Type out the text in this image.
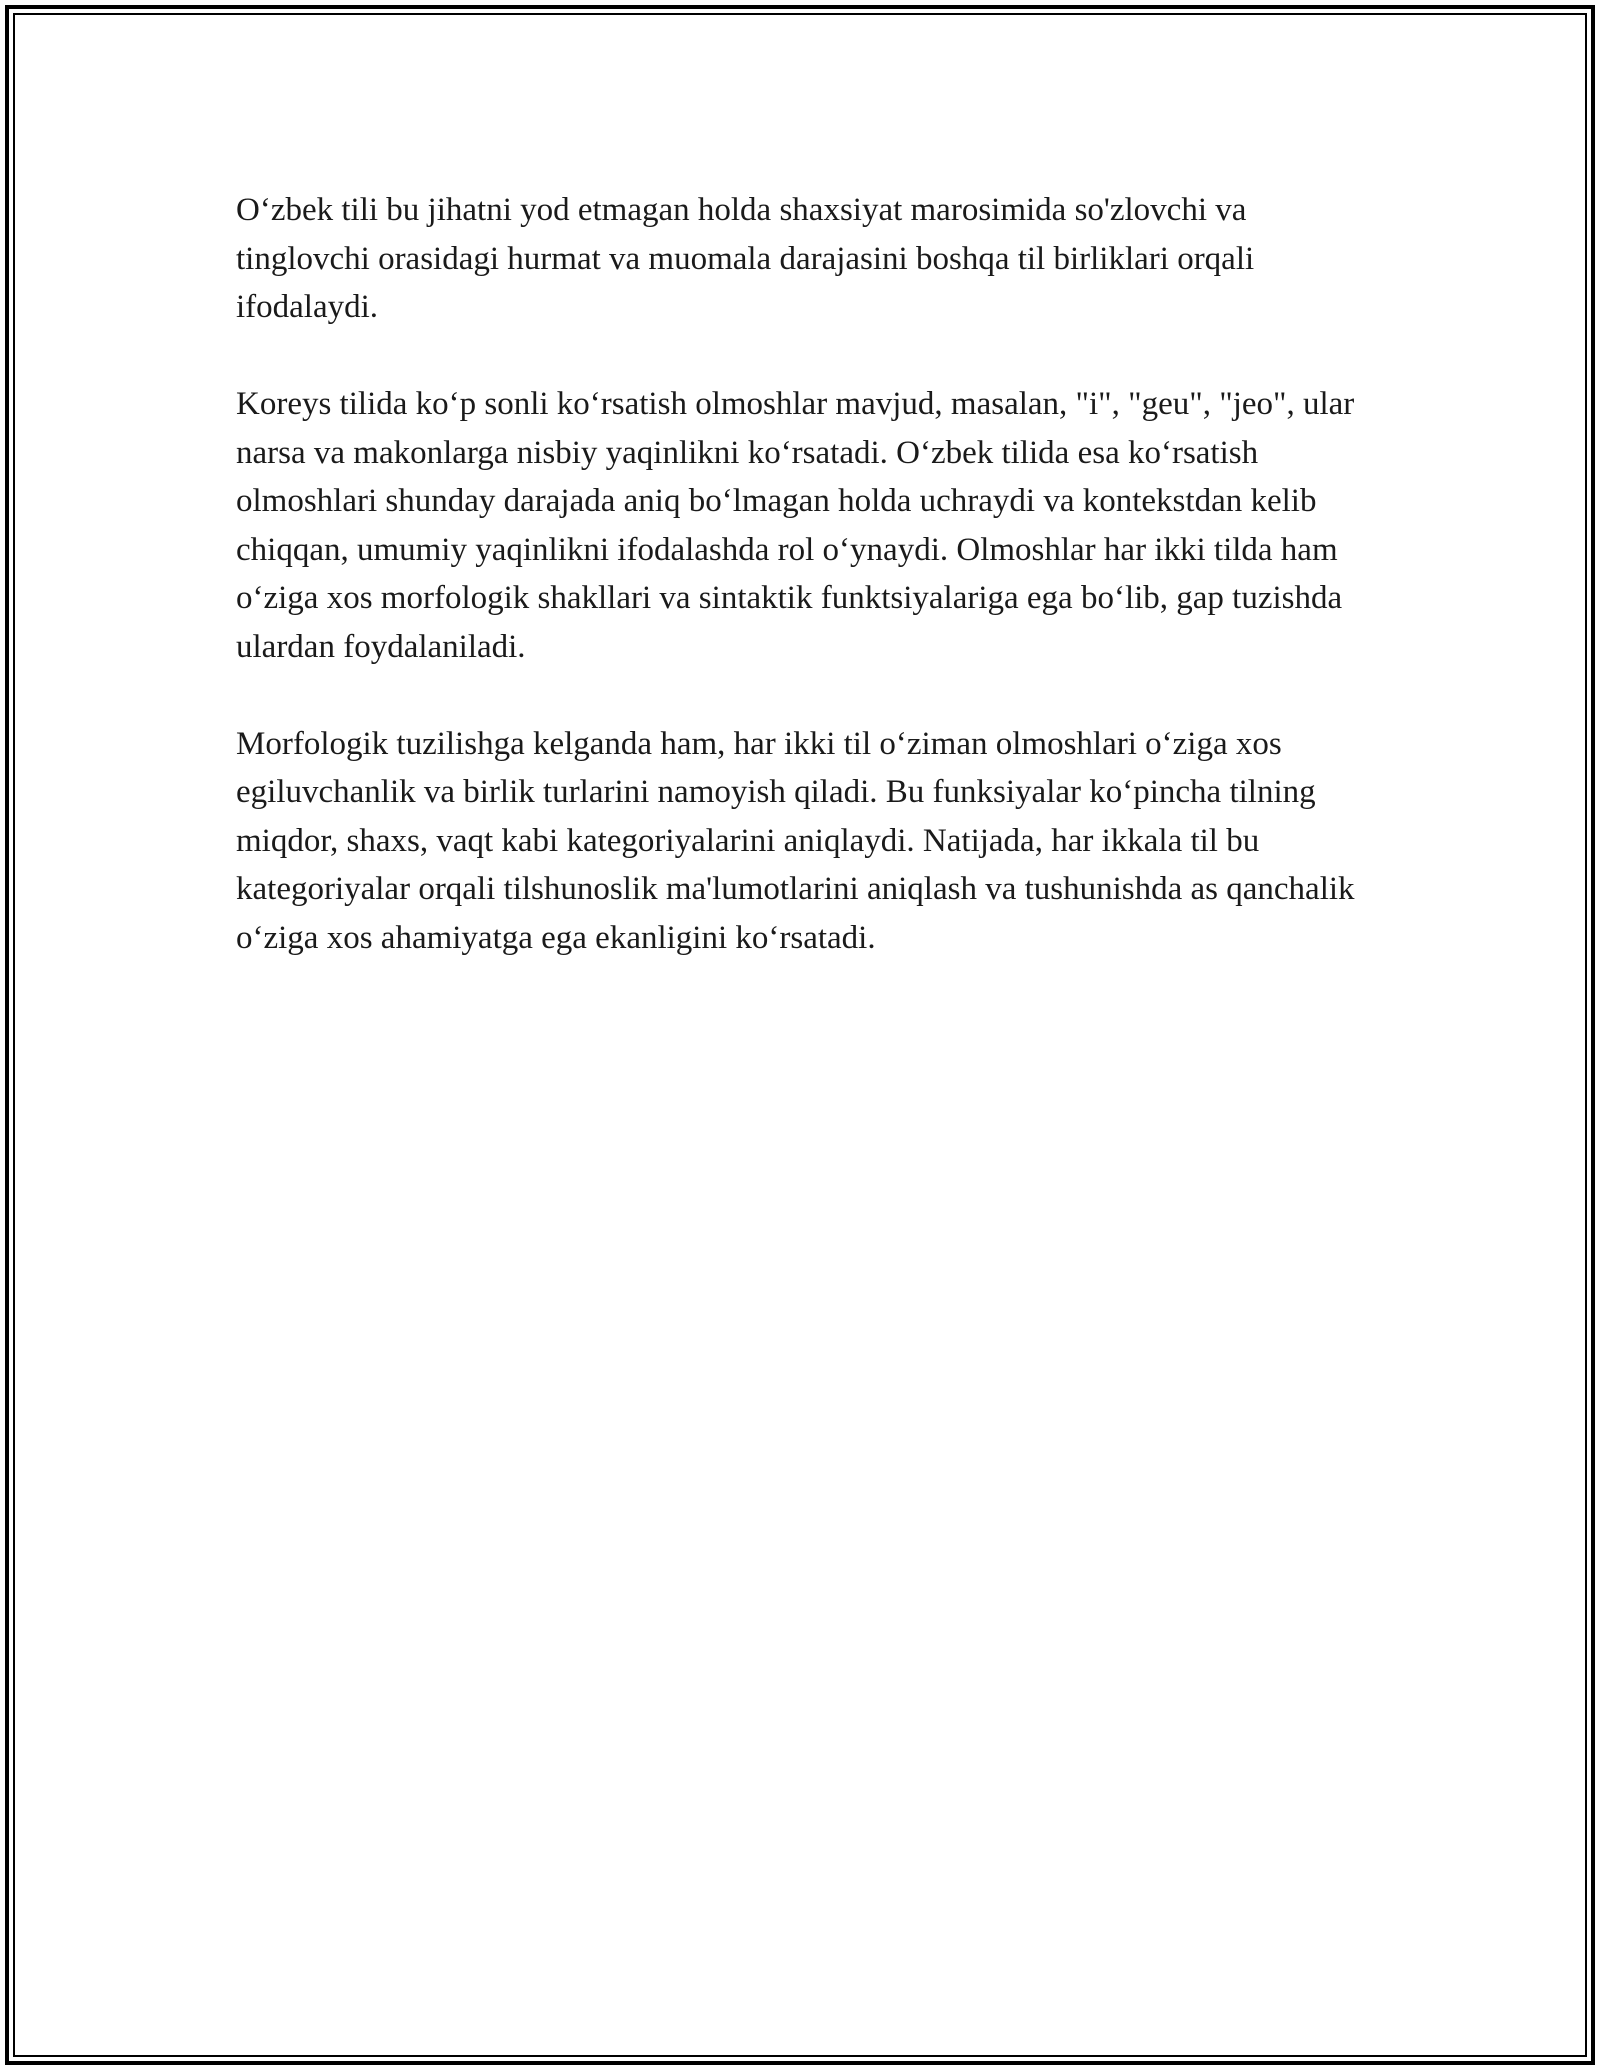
O‘zbek tili bu jihatni yod etmagan holda shaxsiyat marosimida so'zlovchi va tinglovchi orasidagi hurmat va muomala darajasini boshqa til birliklari orqali ifodalaydi.

Koreys tilida ko‘p sonli ko‘rsatish olmoshlar mavjud, masalan, "i", "geu", "jeo", ular narsa va makonlarga nisbiy yaqinlikni ko‘rsatadi. O‘zbek tilida esa ko‘rsatish olmoshlari shunday darajada aniq bo‘lmagan holda uchraydi va kontekstdan kelib chiqqan, umumiy yaqinlikni ifodalashda rol o‘ynaydi. Olmoshlar har ikki tilda ham o‘ziga xos morfologik shakllari va sintaktik funktsiyalariga ega bo‘lib, gap tuzishda ulardan foydalaniladi.

Morfologik tuzilishga kelganda ham, har ikki til o‘ziman olmoshlari o‘ziga xos egiluvchanlik va birlik turlarini namoyish qiladi. Bu funksiyalar ko‘pincha tilning miqdor, shaxs, vaqt kabi kategoriyalarini aniqlaydi. Natijada, har ikkala til bu kategoriyalar orqali tilshunoslik ma'lumotlarini aniqlash va tushunishda as qanchalik o‘ziga xos ahamiyatga ega ekanligini ko‘rsatadi.
